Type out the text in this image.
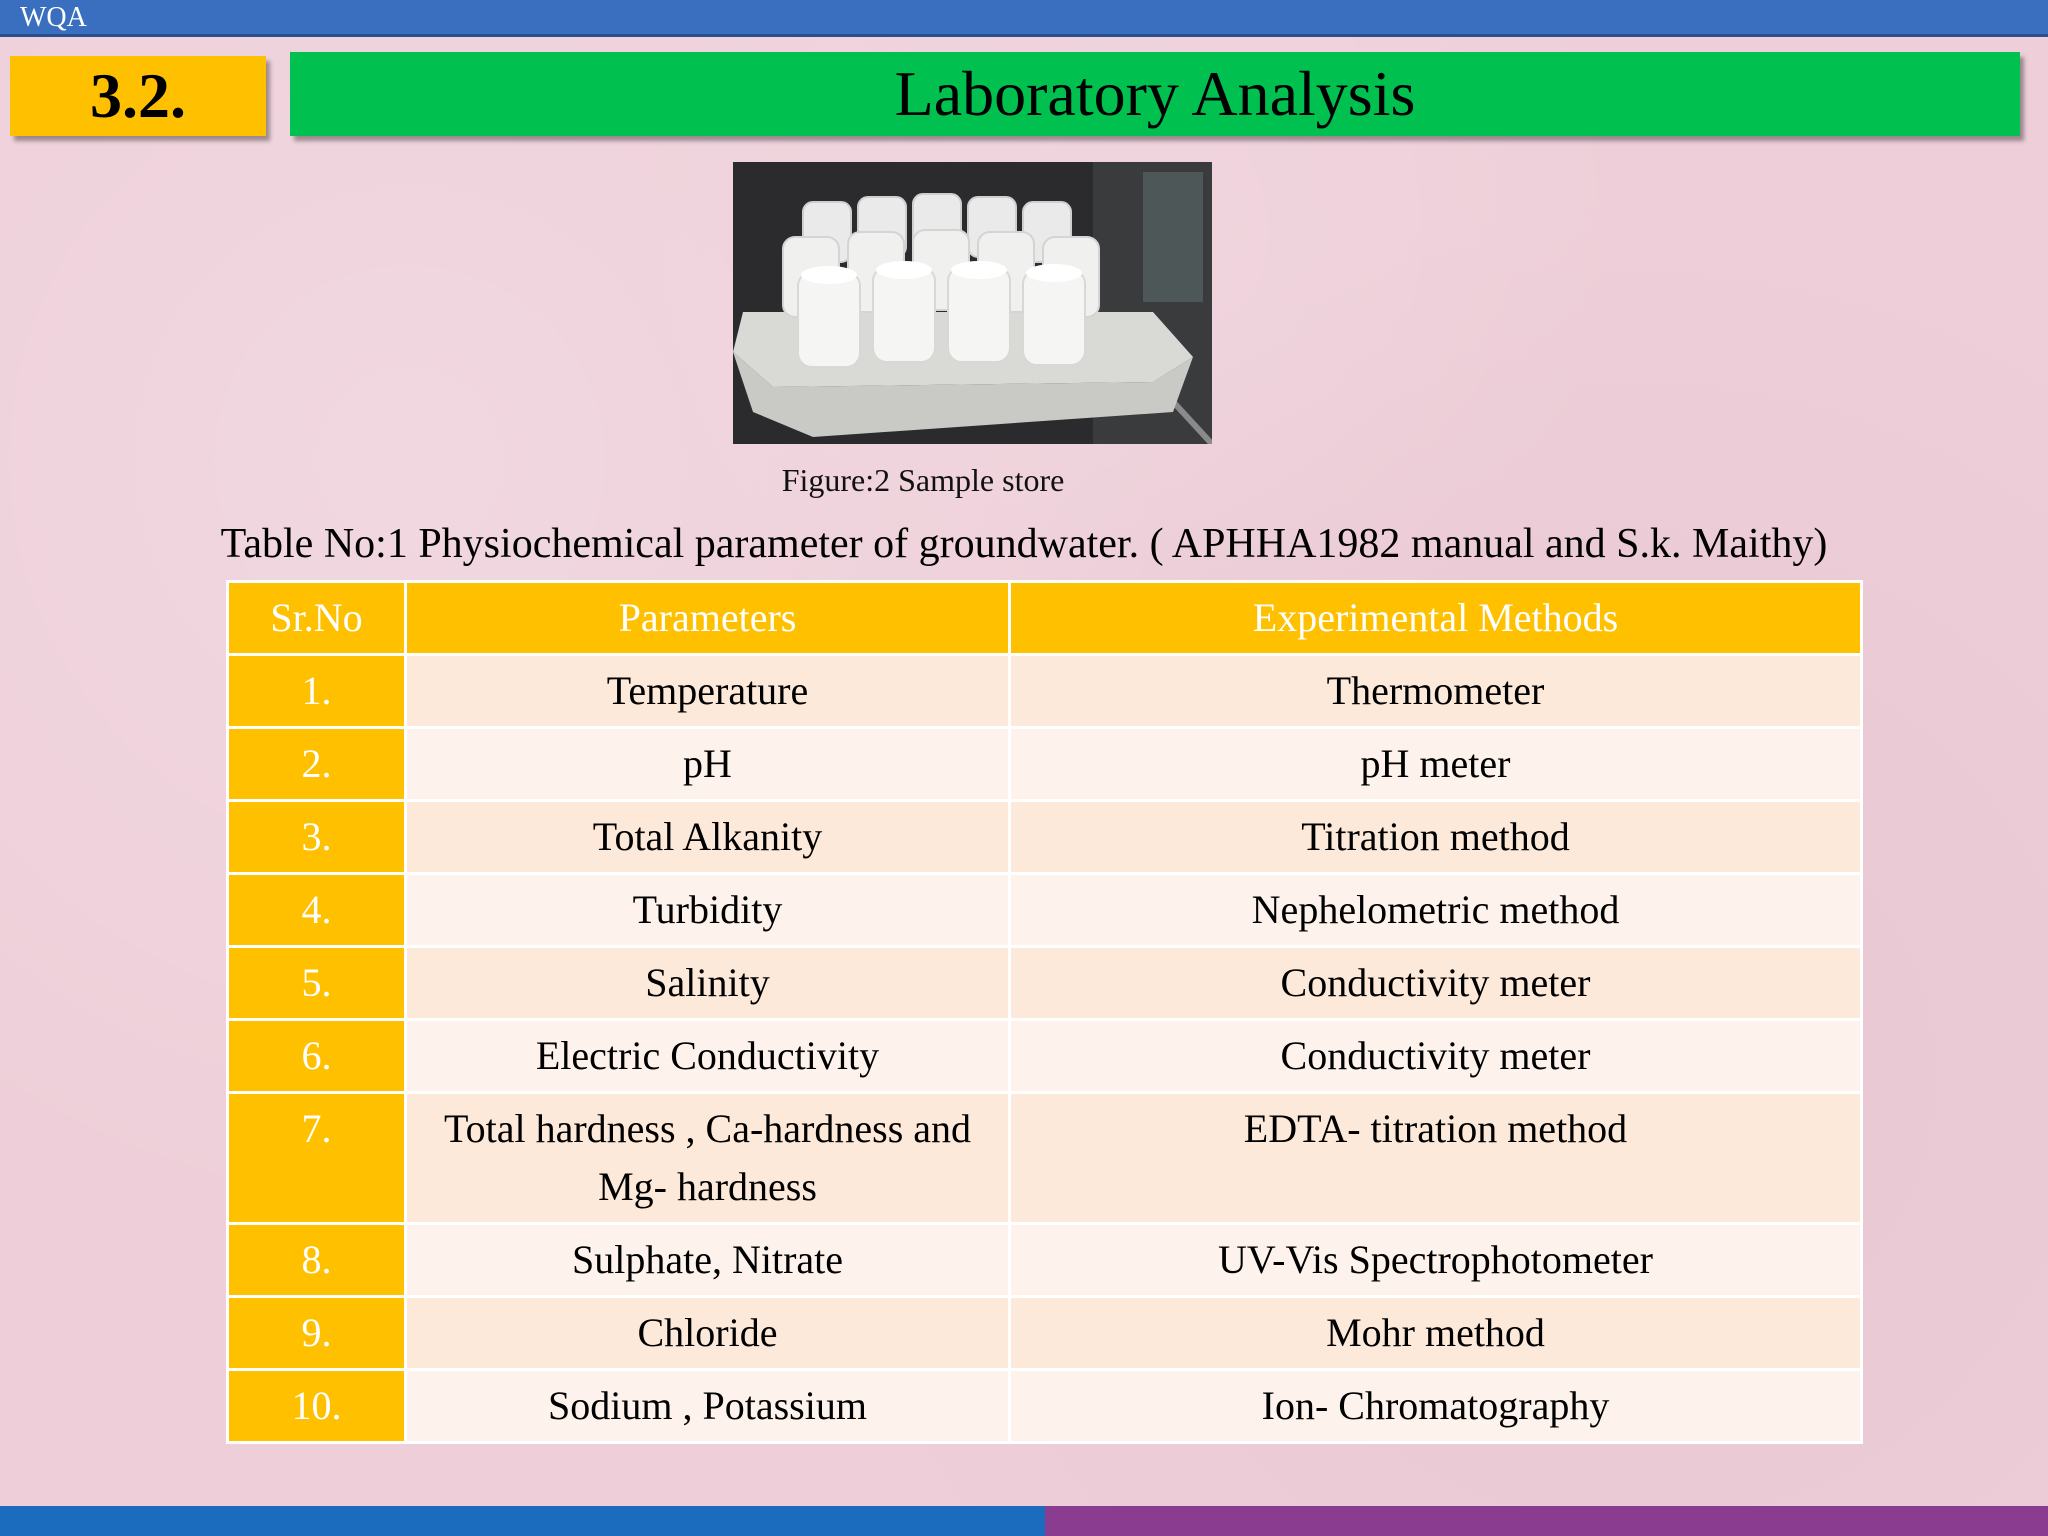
WQA
3.2.	Laboratory Analysis
Figure:2 Sample store
Table No:1 Physiochemical parameter of groundwater. ( APHHA1982 manual and S.k. Maithy)
Sr.No	Parameters	Experimental Methods
1.	Temperature	Thermometer
2.	pH	pH meter
3.	Total Alkanity	Titration method
4.	Turbidity	Nephelometric method
5.	Salinity	Conductivity meter
6.	Electric Conductivity	Conductivity meter
7.	Total hardness , Ca-hardness and Mg- hardness	EDTA- titration method
8.	Sulphate, Nitrate	UV-Vis Spectrophotometer
9.	Chloride	Mohr method
10.	Sodium , Potassium	Ion- Chromatography
